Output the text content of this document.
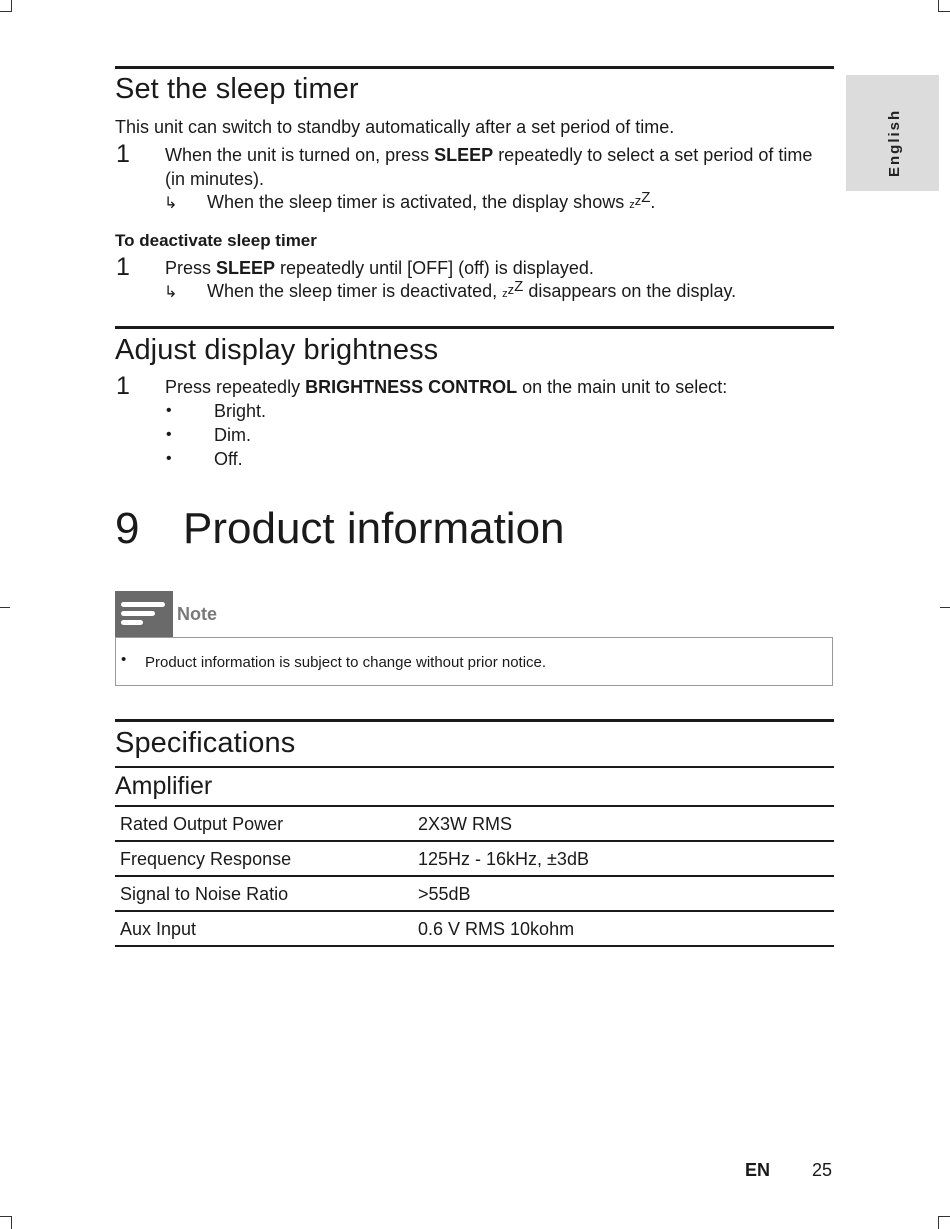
English
Set the sleep timer
This unit can switch to standby automatically after a set period of time.
1 When the unit is turned on, press SLEEP repeatedly to select a set period of time
(in minutes).
↳ When the sleep timer is activated, the display shows zzZ.
To deactivate sleep timer
1 Press SLEEP repeatedly until [OFF] (off) is displayed.
↳ When the sleep timer is deactivated, zzZ disappears on the display.
Adjust display brightness
1 Press repeatedly BRIGHTNESS CONTROL on the main unit to select:
• Bright.
• Dim.
• Off.
9 Product information
Note
• Product information is subject to change without prior notice.
Specifications
Amplifier
Rated Output Power	2X3W RMS
Frequency Response	125Hz - 16kHz, ±3dB
Signal to Noise Ratio	>55dB
Aux Input	0.6 V RMS 10kohm
EN 25
